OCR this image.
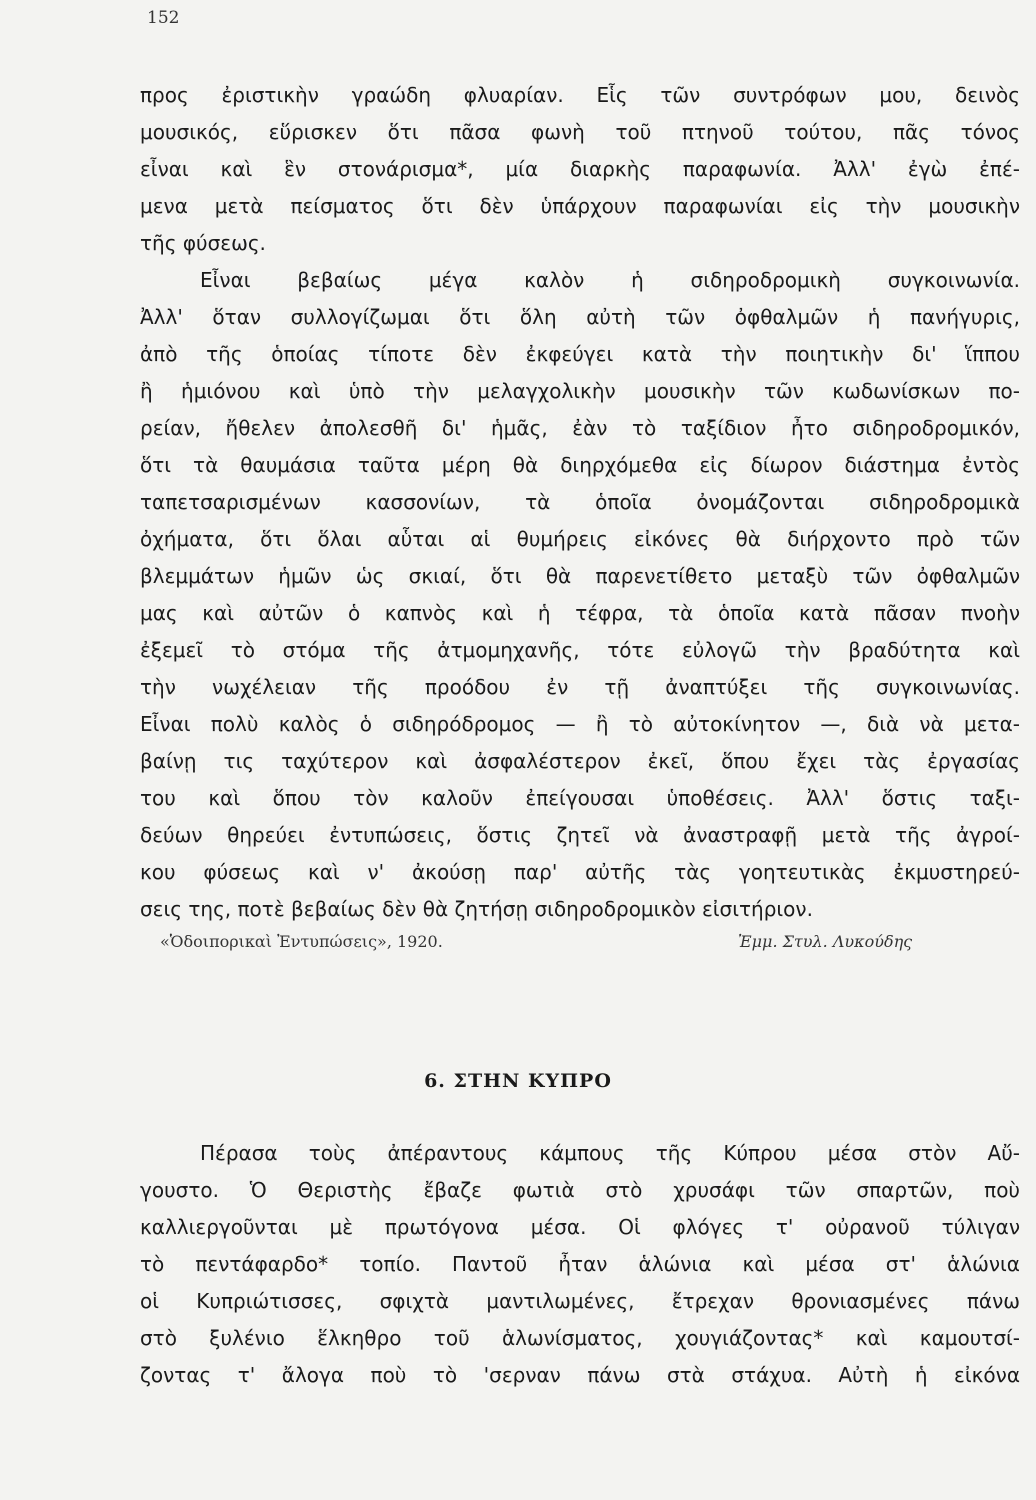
152
προς ἐριστικὴν γραώδη φλυαρίαν. Εἷς τῶν συντρόφων μου, δεινὸς
μουσικός, εὕρισκεν ὅτι πᾶσα φωνὴ τοῦ πτηνοῦ τούτου, πᾶς τόνος
εἶναι καὶ ἓν στονάρισμα*, μία διαρκὴς παραφωνία. Ἀλλ' ἐγὼ ἐπέ-
μενα μετὰ πείσματος ὅτι δὲν ὑπάρχουν παραφωνίαι εἰς τὴν μουσικὴν
τῆς φύσεως.
Εἶναι βεβαίως μέγα καλὸν ἡ σιδηροδρομικὴ συγκοινωνία.
Ἀλλ' ὅταν συλλογίζωμαι ὅτι ὅλη αὐτὴ τῶν ὀφθαλμῶν ἡ πανήγυρις,
ἀπὸ τῆς ὁποίας τίποτε δὲν ἐκφεύγει κατὰ τὴν ποιητικὴν δι' ἵππου
ἢ ἡμιόνου καὶ ὑπὸ τὴν μελαγχολικὴν μουσικὴν τῶν κωδωνίσκων πο-
ρείαν, ἤθελεν ἀπολεσθῆ δι' ἡμᾶς, ἐὰν τὸ ταξίδιον ἦτο σιδηροδρομικόν,
ὅτι τὰ θαυμάσια ταῦτα μέρη θὰ διηρχόμεθα εἰς δίωρον διάστημα ἐντὸς
ταπετσαρισμένων κασσονίων, τὰ ὁποῖα ὀνομάζονται σιδηροδρομικὰ
ὀχήματα, ὅτι ὅλαι αὗται αἱ θυμήρεις εἰκόνες θὰ διήρχοντο πρὸ τῶν
βλεμμάτων ἡμῶν ὡς σκιαί, ὅτι θὰ παρενετίθετο μεταξὺ τῶν ὀφθαλμῶν
μας καὶ αὐτῶν ὁ καπνὸς καὶ ἡ τέφρα, τὰ ὁποῖα κατὰ πᾶσαν πνοὴν
ἐξεμεῖ τὸ στόμα τῆς ἀτμομηχανῆς, τότε εὐλογῶ τὴν βραδύτητα καὶ
τὴν νωχέλειαν τῆς προόδου ἐν τῇ ἀναπτύξει τῆς συγκοινωνίας.
Εἶναι πολὺ καλὸς ὁ σιδηρόδρομος — ἢ τὸ αὐτοκίνητον —, διὰ νὰ μετα-
βαίνῃ τις ταχύτερον καὶ ἀσφαλέστερον ἐκεῖ, ὅπου ἔχει τὰς ἐργασίας
του καὶ ὅπου τὸν καλοῦν ἐπείγουσαι ὑποθέσεις. Ἀλλ' ὅστις ταξι-
δεύων θηρεύει ἐντυπώσεις, ὅστις ζητεῖ νὰ ἀναστραφῇ μετὰ τῆς ἀγροί-
κου φύσεως καὶ ν' ἀκούσῃ παρ' αὐτῆς τὰς γοητευτικὰς ἐκμυστηρεύ-
σεις της, ποτὲ βεβαίως δὲν θὰ ζητήσῃ σιδηροδρομικὸν εἰσιτήριον.
«Ὁδοιπορικαὶ Ἐντυπώσεις», 1920.	Ἐμμ. Στυλ. Λυκούδης
6. ΣΤΗΝ ΚΥΠΡΟ
Πέρασα τοὺς ἀπέραντους κάμπους τῆς Κύπρου μέσα στὸν Αὔ-
γουστο. Ὁ Θεριστὴς ἔβαζε φωτιὰ στὸ χρυσάφι τῶν σπαρτῶν, ποὺ
καλλιεργοῦνται μὲ πρωτόγονα μέσα. Οἱ φλόγες τ' οὐρανοῦ τύλιγαν
τὸ πεντάφαρδο* τοπίο. Παντοῦ ἦταν ἁλώνια καὶ μέσα στ' ἁλώνια
οἱ Κυπριώτισσες, σφιχτὰ μαντιλωμένες, ἔτρεχαν θρονιασμένες πάνω
στὸ ξυλένιο ἕλκηθρο τοῦ ἁλωνίσματος, χουγιάζοντας* καὶ καμουτσί-
ζοντας τ' ἄλογα ποὺ τὸ 'σερναν πάνω στὰ στάχυα. Αὐτὴ ἡ εἰκόνα
